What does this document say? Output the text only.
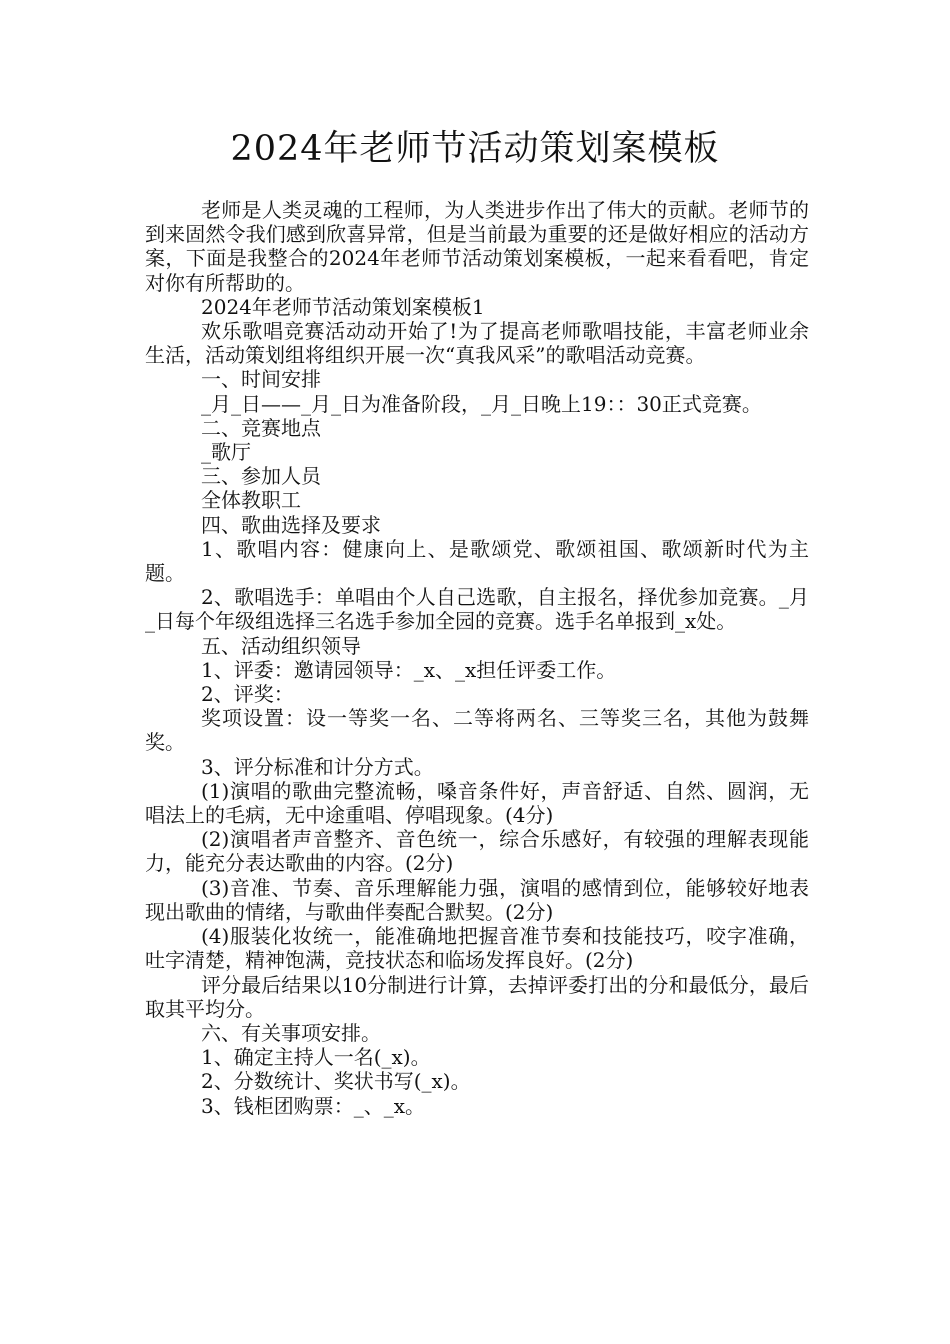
2024年老师节活动策划案模板

老师是人类灵魂的工程师，为人类进步作出了伟大的贡献。老师节的到来固然令我们感到欣喜异常，但是当前最为重要的还是做好相应的活动方案，下面是我整合的2024年老师节活动策划案模板，一起来看看吧，肯定对你有所帮助的。

2024年老师节活动策划案模板1

欢乐歌唱竞赛活动动开始了!为了提高老师歌唱技能，丰富老师业余生活，活动策划组将组织开展一次“真我风采”的歌唱活动竞赛。

一、时间安排

_月_日——_月_日为准备阶段，_月_日晚上19：：30正式竞赛。

二、竞赛地点

_歌厅

三、参加人员

全体教职工

四、歌曲选择及要求

1、歌唱内容：健康向上、是歌颂党、歌颂祖国、歌颂新时代为主题。

2、歌唱选手：单唱由个人自己选歌，自主报名，择优参加竞赛。_月_日每个年级组选择三名选手参加全园的竞赛。选手名单报到_x处。

五、活动组织领导

1、评委：邀请园领导：_x、_x担任评委工作。

2、评奖：

奖项设置：设一等奖一名、二等将两名、三等奖三名，其他为鼓舞奖。

3、评分标准和计分方式。

(1)演唱的歌曲完整流畅，嗓音条件好，声音舒适、自然、圆润，无唱法上的毛病，无中途重唱、停唱现象。(4分)

(2)演唱者声音整齐、音色统一，综合乐感好，有较强的理解表现能力，能充分表达歌曲的内容。(2分)

(3)音准、节奏、音乐理解能力强，演唱的感情到位，能够较好地表现出歌曲的情绪，与歌曲伴奏配合默契。(2分)

(4)服装化妆统一，能准确地把握音准节奏和技能技巧，咬字准确，吐字清楚，精神饱满，竞技状态和临场发挥良好。(2分)

评分最后结果以10分制进行计算，去掉评委打出的分和最低分，最后取其平均分。

六、有关事项安排。

1、确定主持人一名(_x)。

2、分数统计、奖状书写(_x)。

3、钱柜团购票：_、_x。
